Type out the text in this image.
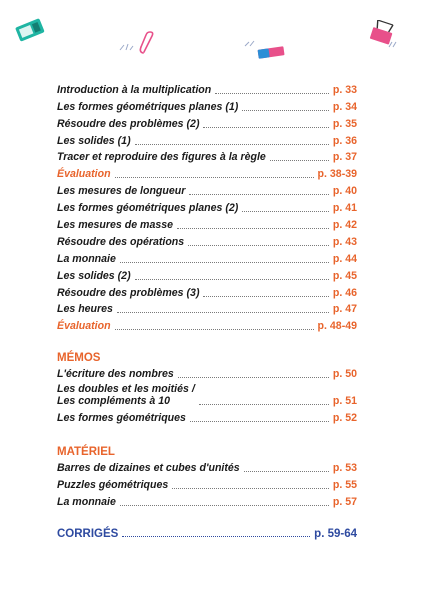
Introduction à la multiplication	p. 33
Les formes géométriques planes (1)	p. 34
Résoudre des problèmes (2)	p. 35
Les solides (1)	p. 36
Tracer et reproduire des figures à la règle	p. 37
Évaluation	p. 38-39
Les mesures de longueur	p. 40
Les formes géométriques planes (2)	p. 41
Les mesures de masse	p. 42
Résoudre des opérations	p. 43
La monnaie	p. 44
Les solides (2)	p. 45
Résoudre des problèmes (3)	p. 46
Les heures	p. 47
Évaluation	p. 48-49
MÉMOS
L'écriture des nombres	p. 50
Les doubles et les moitiés /
Les compléments à 10	p. 51
Les formes géométriques	p. 52
MATÉRIEL
Barres de dizaines et cubes d'unités	p. 53
Puzzles géométriques	p. 55
La monnaie	p. 57
CORRIGÉS	p. 59-64
